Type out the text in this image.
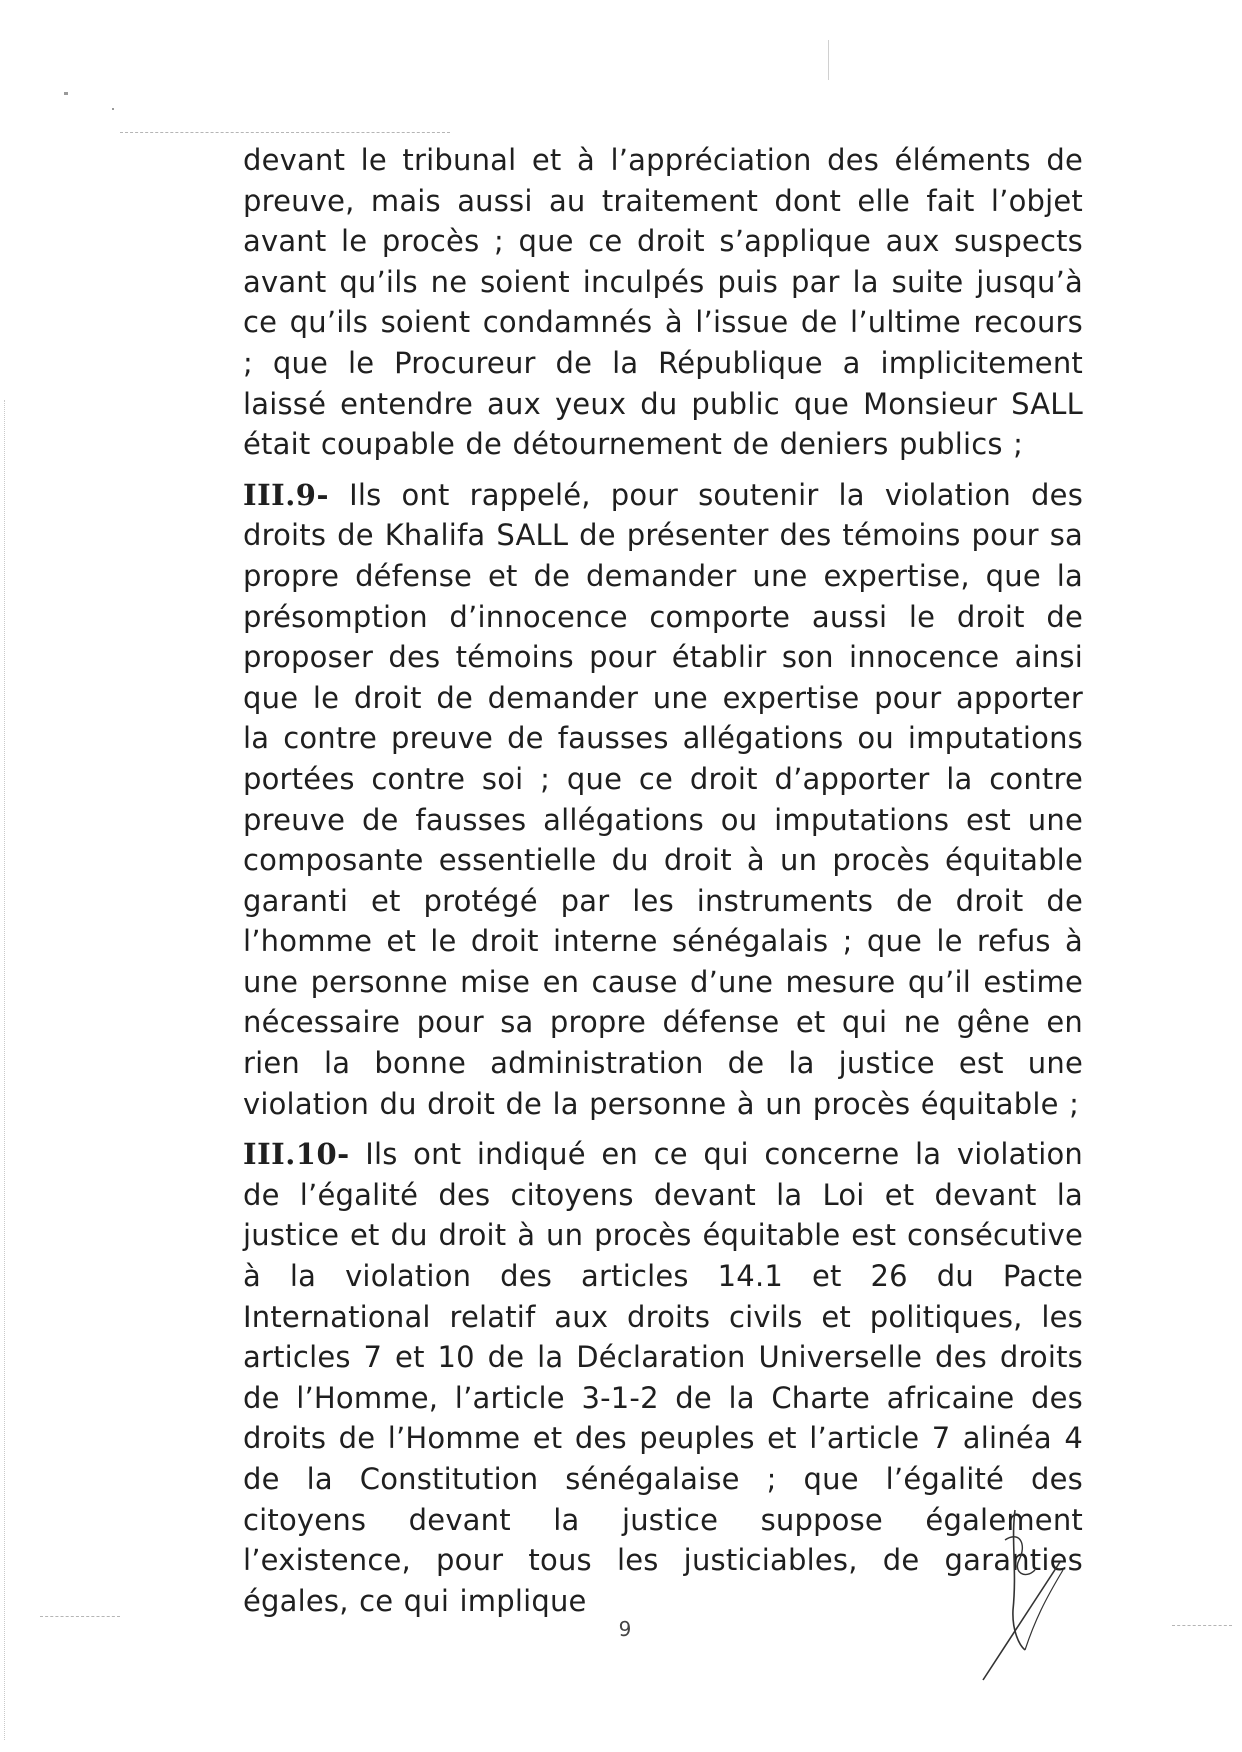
devant le tribunal et à l’appréciation des éléments de preuve, mais aussi au traitement dont elle fait l’objet avant le procès ; que ce droit s’applique aux suspects avant qu’ils ne soient inculpés puis par la suite jusqu’à ce qu’ils soient condamnés à l’issue de l’ultime recours ; que le Procureur de la République a implicitement laissé entendre aux yeux du public que Monsieur SALL était coupable de détournement de deniers publics ;

III.9- Ils ont rappelé, pour soutenir la violation des droits de Khalifa SALL de présenter des témoins pour sa propre défense et de demander une expertise, que la présomption d’innocence comporte aussi le droit de proposer des témoins pour établir son innocence ainsi que le droit de demander une expertise pour apporter la contre preuve de fausses allégations ou imputations portées contre soi ; que ce droit d’apporter la contre preuve de fausses allégations ou imputations est une composante essentielle du droit à un procès équitable garanti et protégé par les instruments de droit de l’homme et le droit interne sénégalais ; que le refus à une personne mise en cause d’une mesure qu’il estime nécessaire pour sa propre défense et qui ne gêne en rien la bonne administration de la justice est une violation du droit de la personne à un procès équitable ;

III.10- Ils ont indiqué en ce qui concerne la violation de l’égalité des citoyens devant la Loi et devant la justice et du droit à un procès équitable est consécutive à la violation des articles 14.1 et 26 du Pacte International relatif aux droits civils et politiques, les articles 7 et 10 de la Déclaration Universelle des droits de l’Homme, l’article 3-1-2 de la Charte africaine des droits de l’Homme et des peuples et l’article 7 alinéa 4 de la Constitution sénégalaise ; que l’égalité des citoyens devant la justice suppose également l’existence, pour tous les justiciables, de garanties égales, ce qui implique

9
